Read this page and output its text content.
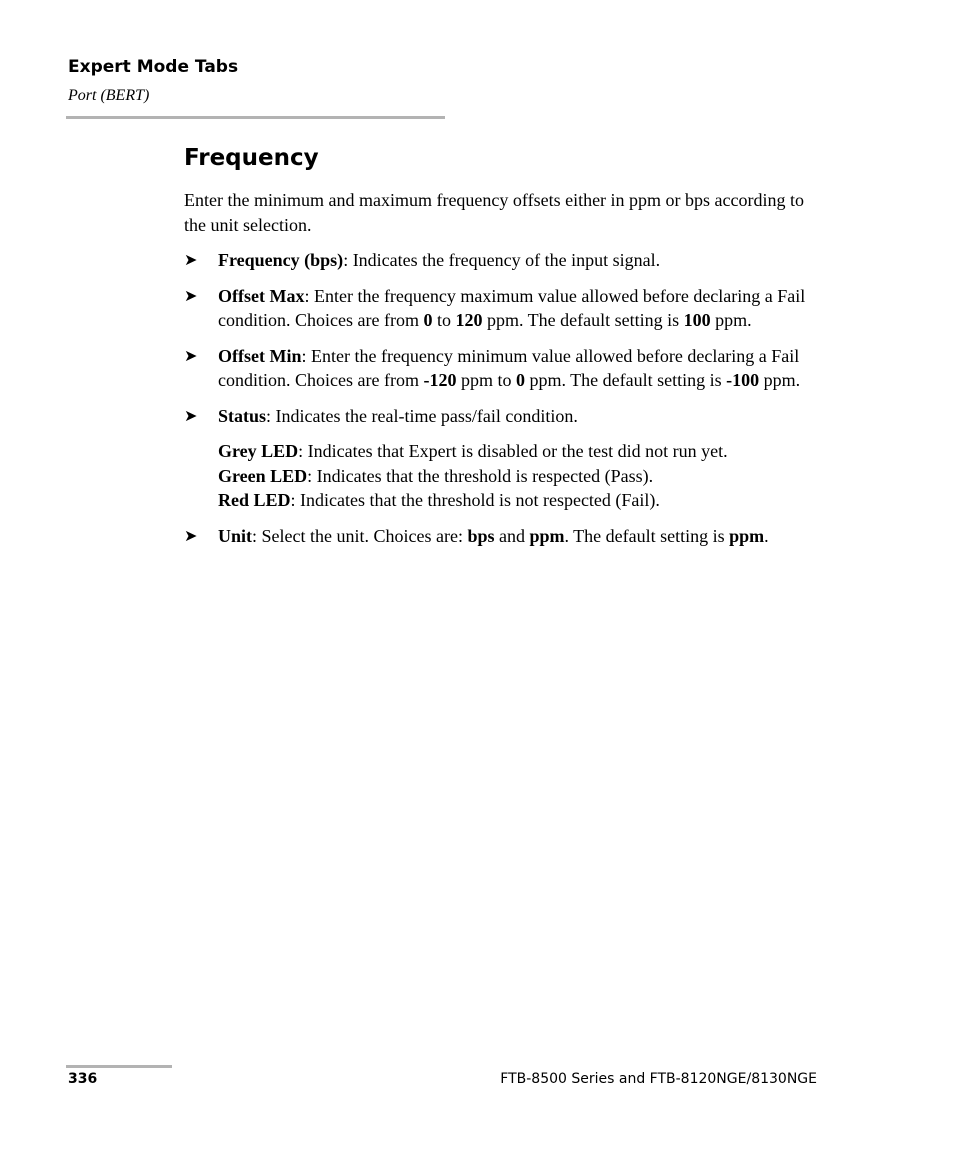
Expert Mode Tabs
Port (BERT)
Frequency

Enter the minimum and maximum frequency offsets either in ppm or bps according to the unit selection.

➤ Frequency (bps): Indicates the frequency of the input signal.
➤ Offset Max: Enter the frequency maximum value allowed before declaring a Fail condition. Choices are from 0 to 120 ppm. The default setting is 100 ppm.
➤ Offset Min: Enter the frequency minimum value allowed before declaring a Fail condition. Choices are from -120 ppm to 0 ppm. The default setting is -100 ppm.
➤ Status: Indicates the real-time pass/fail condition.
Grey LED: Indicates that Expert is disabled or the test did not run yet.
Green LED: Indicates that the threshold is respected (Pass).
Red LED: Indicates that the threshold is not respected (Fail).
➤ Unit: Select the unit. Choices are: bps and ppm. The default setting is ppm.
336	FTB-8500 Series and FTB-8120NGE/8130NGE
